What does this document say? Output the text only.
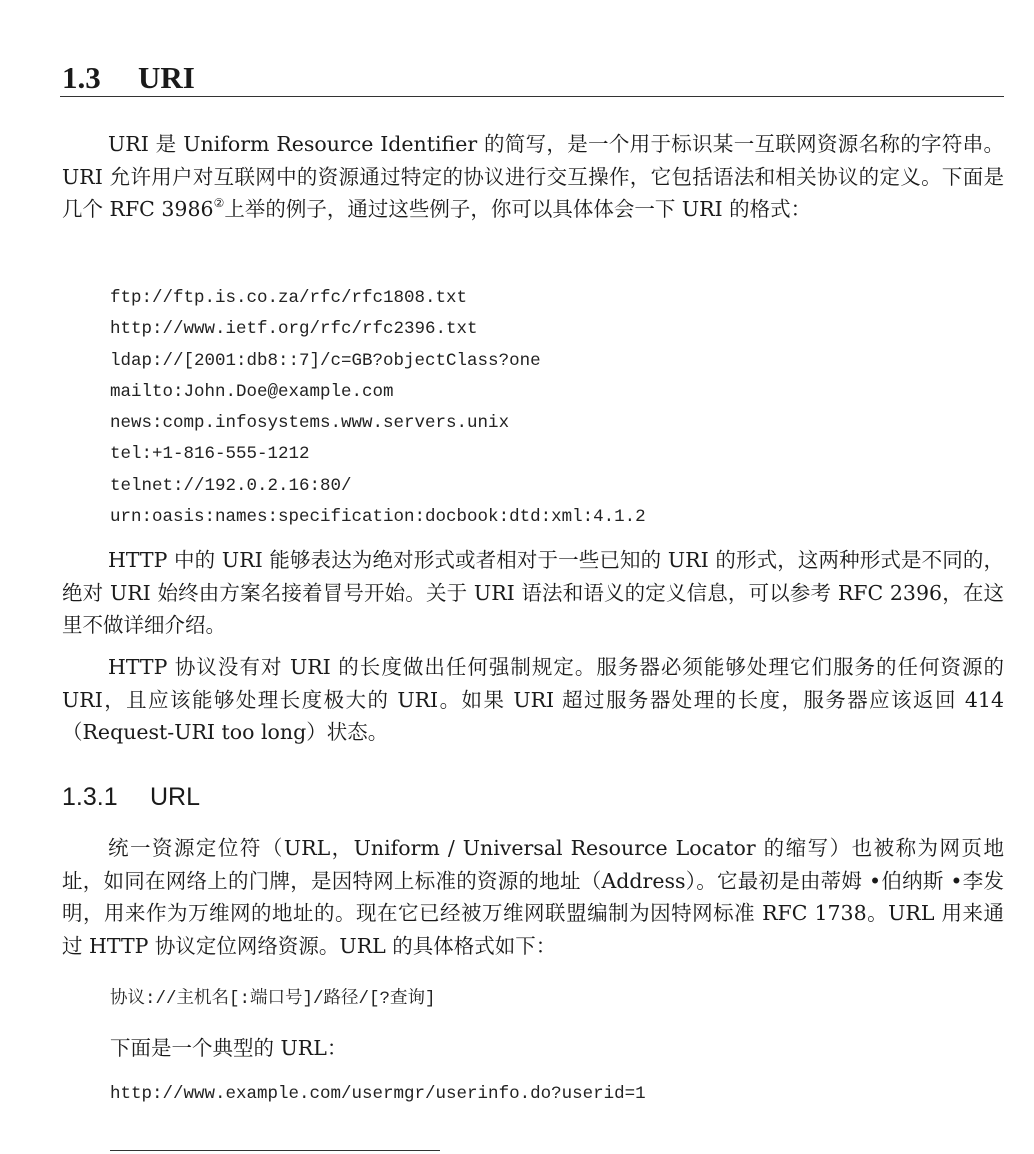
1.3 URI

URI 是 Uniform Resource Identifier 的简写，是一个用于标识某一互联网资源名称的字符串。URI 允许用户对互联网中的资源通过特定的协议进行交互操作，它包括语法和相关协议的定义。下面是几个 RFC 3986②上举的例子，通过这些例子，你可以具体体会一下 URI 的格式：

ftp://ftp.is.co.za/rfc/rfc1808.txt
http://www.ietf.org/rfc/rfc2396.txt
ldap://[2001:db8::7]/c=GB?objectClass?one
mailto:John.Doe@example.com
news:comp.infosystems.www.servers.unix
tel:+1-816-555-1212
telnet://192.0.2.16:80/
urn:oasis:names:specification:docbook:dtd:xml:4.1.2

HTTP 中的 URI 能够表达为绝对形式或者相对于一些已知的 URI 的形式，这两种形式是不同的，绝对 URI 始终由方案名接着冒号开始。关于 URI 语法和语义的定义信息，可以参考 RFC 2396，在这里不做详细介绍。

HTTP 协议没有对 URI 的长度做出任何强制规定。服务器必须能够处理它们服务的任何资源的 URI，且应该能够处理长度极大的 URI。如果 URI 超过服务器处理的长度，服务器应该返回 414（Request-URI too long）状态。

1.3.1 URL

统一资源定位符（URL，Uniform / Universal Resource Locator 的缩写）也被称为网页地址，如同在网络上的门牌，是因特网上标准的资源的地址（Address）。它最初是由蒂姆 •伯纳斯 •李发明，用来作为万维网的地址的。现在它已经被万维网联盟编制为因特网标准 RFC 1738。URL 用来通过 HTTP 协议定位网络资源。URL 的具体格式如下：

协议://主机名[:端口号]/路径/[?查询]
下面是一个典型的 URL：
http://www.example.com/usermgr/userinfo.do?userid=1
